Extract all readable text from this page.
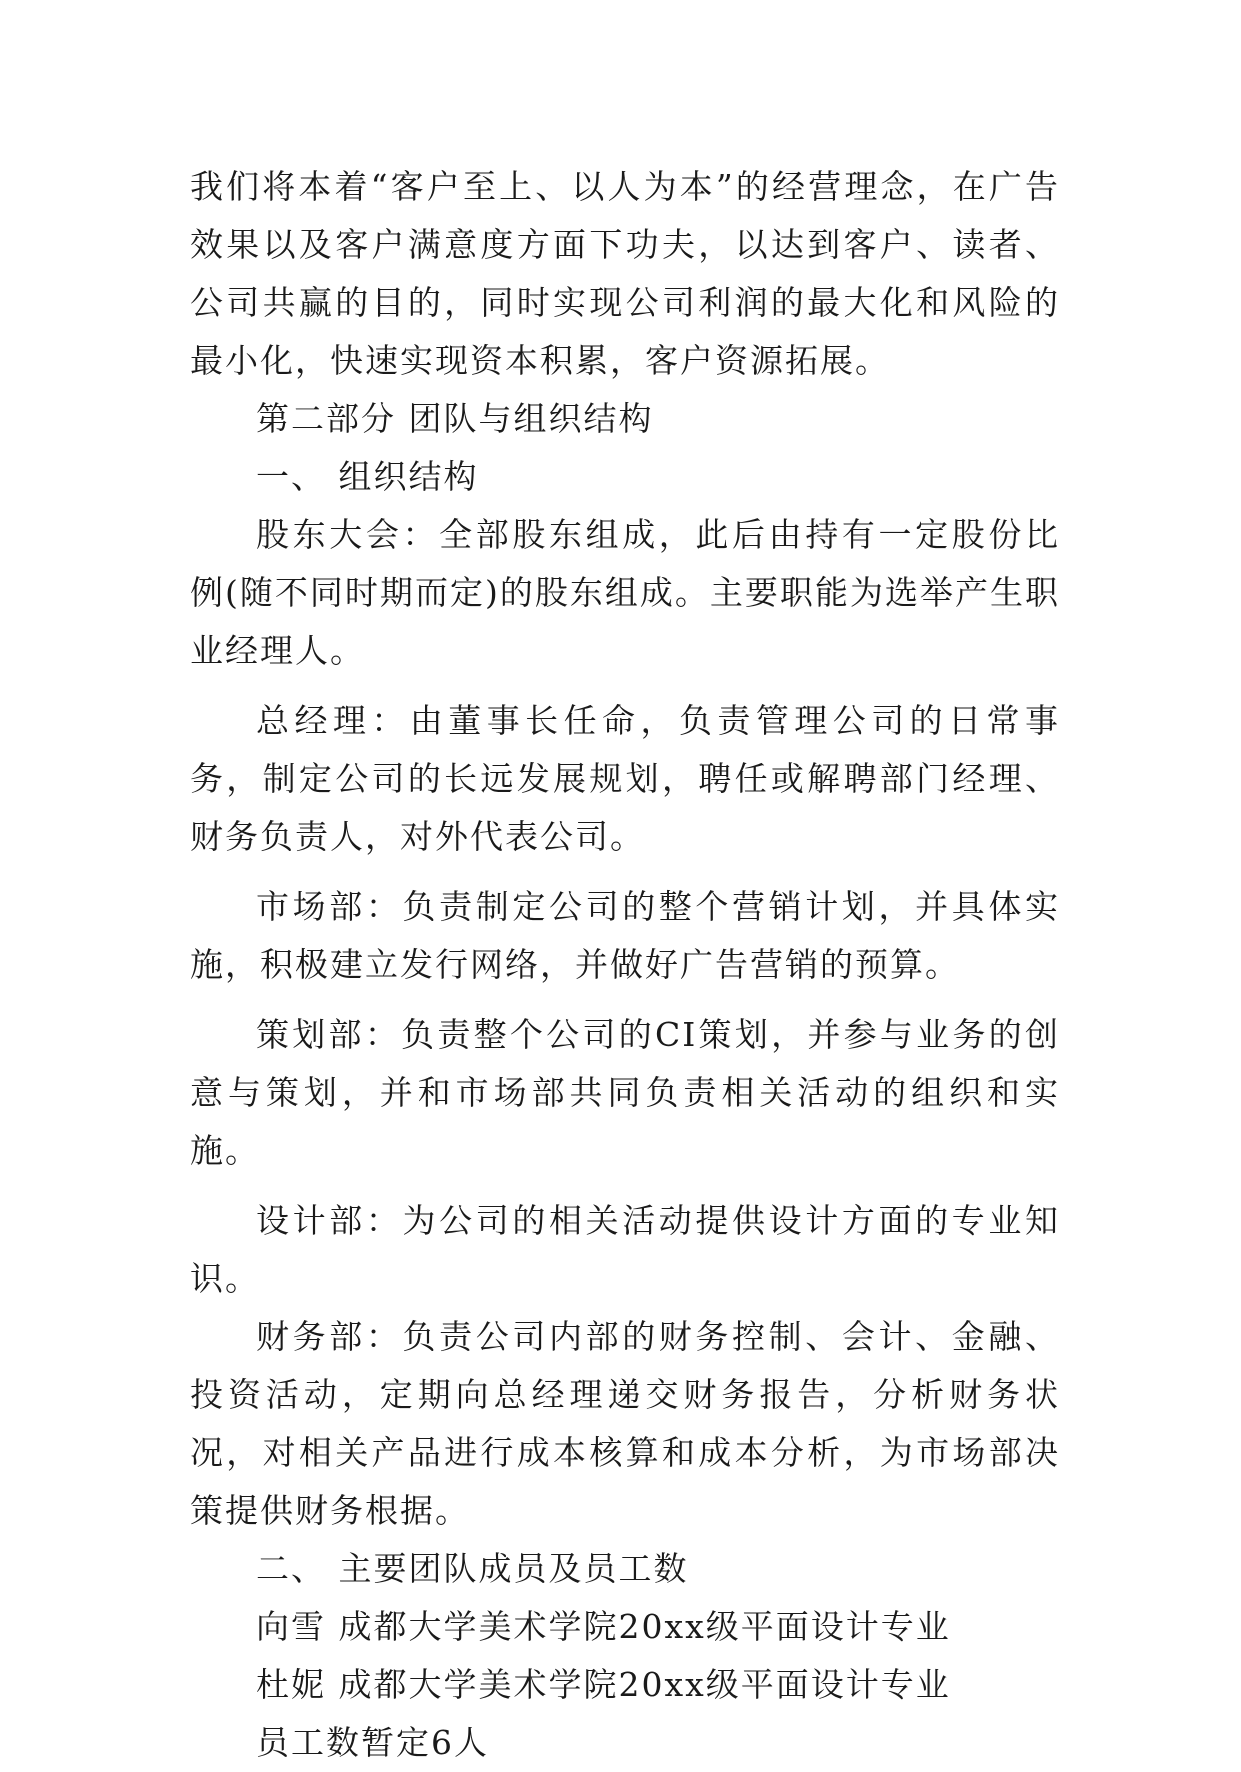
我们将本着“客户至上、以人为本”的经营理念，在广告效果以及客户满意度方面下功夫，以达到客户、读者、公司共赢的目的，同时实现公司利润的最大化和风险的最小化，快速实现资本积累，客户资源拓展。

第二部分 团队与组织结构

一、 组织结构

股东大会：全部股东组成，此后由持有一定股份比例(随不同时期而定)的股东组成。主要职能为选举产生职业经理人。

总经理：由董事长任命，负责管理公司的日常事务，制定公司的长远发展规划，聘任或解聘部门经理、财务负责人，对外代表公司。

市场部：负责制定公司的整个营销计划，并具体实施，积极建立发行网络，并做好广告营销的预算。

策划部：负责整个公司的CI策划，并参与业务的创意与策划，并和市场部共同负责相关活动的组织和实施。

设计部：为公司的相关活动提供设计方面的专业知识。

财务部：负责公司内部的财务控制、会计、金融、投资活动，定期向总经理递交财务报告，分析财务状况，对相关产品进行成本核算和成本分析，为市场部决策提供财务根据。

二、 主要团队成员及员工数

向雪 成都大学美术学院20xx级平面设计专业

杜妮 成都大学美术学院20xx级平面设计专业

员工数暂定6人
